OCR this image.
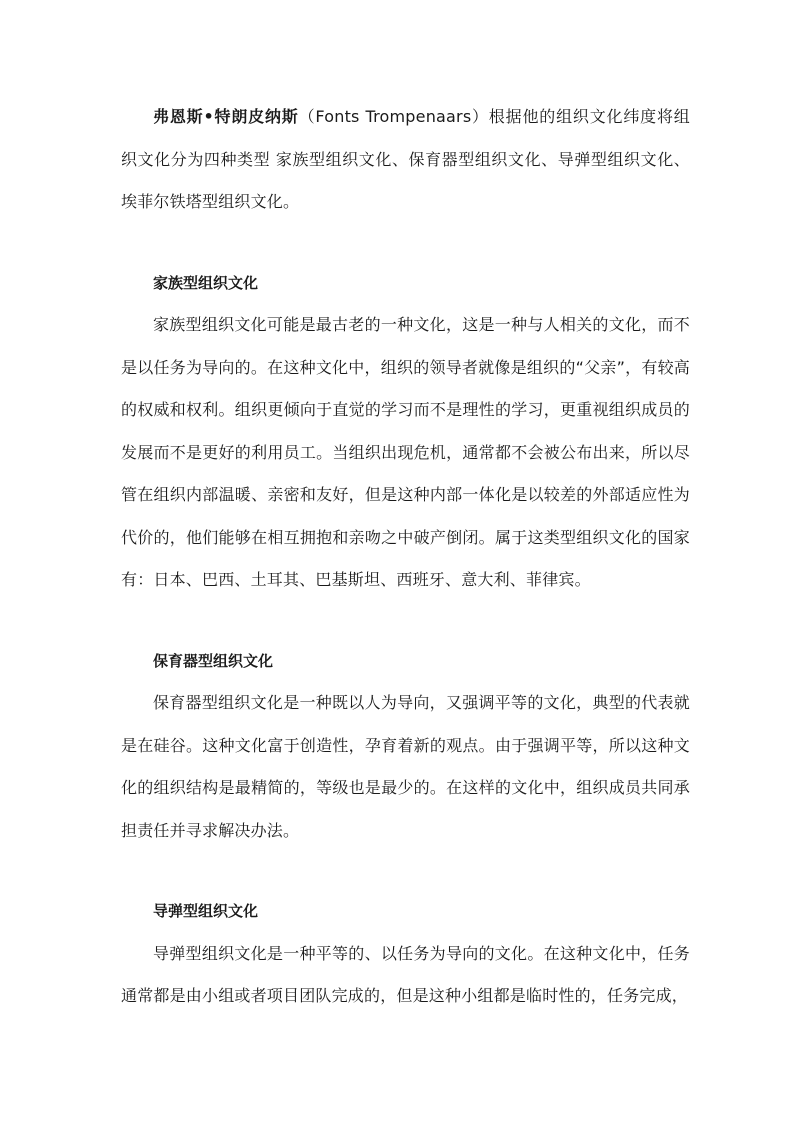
弗恩斯•特朗皮纳斯（Fonts Trompenaars）根据他的组织文化纬度将组织文化分为四种类型 家族型组织文化、保育器型组织文化、导弹型组织文化、埃菲尔铁塔型组织文化。

家族型组织文化

家族型组织文化可能是最古老的一种文化，这是一种与人相关的文化，而不是以任务为导向的。在这种文化中，组织的领导者就像是组织的“父亲”，有较高的权威和权利。组织更倾向于直觉的学习而不是理性的学习，更重视组织成员的发展而不是更好的利用员工。当组织出现危机，通常都不会被公布出来，所以尽管在组织内部温暖、亲密和友好，但是这种内部一体化是以较差的外部适应性为代价的，他们能够在相互拥抱和亲吻之中破产倒闭。属于这类型组织文化的国家有：日本、巴西、土耳其、巴基斯坦、西班牙、意大利、菲律宾。

保育器型组织文化

保育器型组织文化是一种既以人为导向，又强调平等的文化，典型的代表就是在硅谷。这种文化富于创造性，孕育着新的观点。由于强调平等，所以这种文化的组织结构是最精简的，等级也是最少的。在这样的文化中，组织成员共同承担责任并寻求解决办法。

导弹型组织文化

导弹型组织文化是一种平等的、以任务为导向的文化。在这种文化中，任务通常都是由小组或者项目团队完成的，但是这种小组都是临时性的，任务完成，
